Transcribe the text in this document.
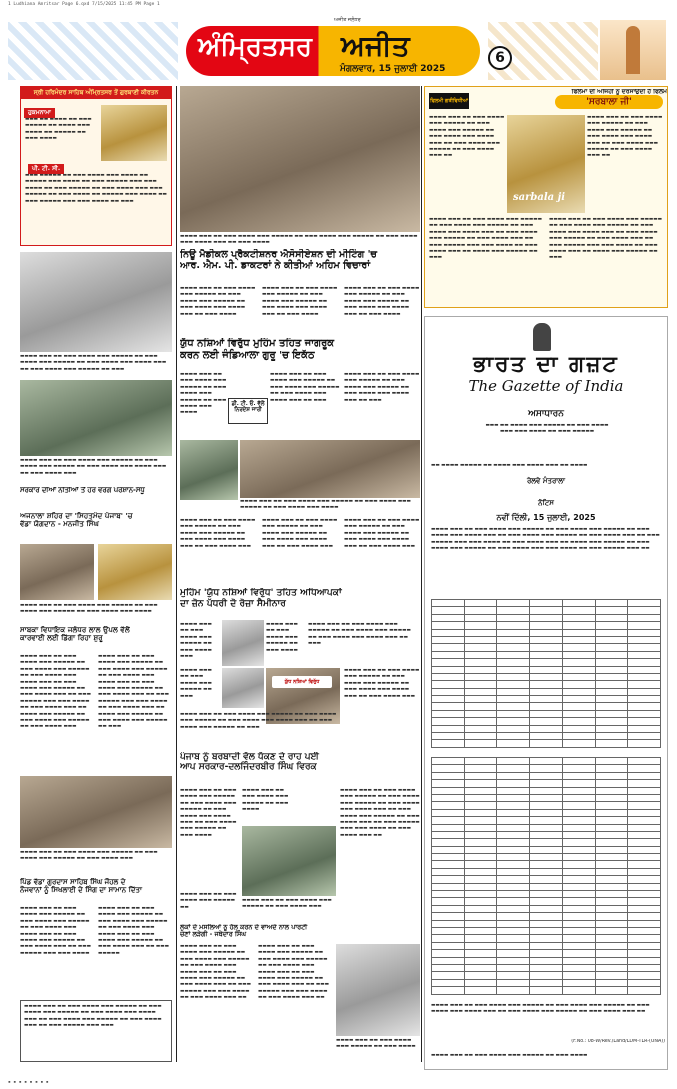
1 Ludhiana Amritsar Page 6.qxd 7/15/2025 11:45 PM Page 1
ਅੰਮ੍ਰਿਤਸਰ ਅਜੀਤ
ਅਜੀਤ ਜਲੰਧਰ
ਮੰਗਲਵਾਰ, 15 ਜੁਲਾਈ 2025
6
ਸ੍ਰੀ ਹਰਿਮੰਦਰ ਸਾਹਿਬ ਅੰਮ੍ਰਿਤਸਰ ਤੋਂ ਗੁਰਬਾਣੀ ਕੀਰਤਨ
ਹੁਕਮਨਾਮਾ

▬▬▬ ▬▬ ▬▬▬▬ ▬▬ ▬▬▬ ▬▬▬▬▬ ▬▬ ▬▬▬▬ ▬▬▬ ▬▬▬▬ ▬▬ ▬▬▬▬▬ ▬▬ ▬▬▬ ▬▬▬▬

ਪੀ. ਟੀ. ਸੀ.

▬▬▬ ▬▬▬▬▬ ▬▬ ▬▬▬ ▬▬▬▬ ▬▬▬ ▬▬▬▬ ▬▬ ▬▬▬▬▬ ▬▬▬ ▬▬▬▬ ▬▬ ▬▬▬ ▬▬▬▬▬ ▬▬▬ ▬▬▬ ▬▬▬▬ ▬▬ ▬▬▬ ▬▬▬▬▬ ▬▬ ▬▬▬ ▬▬▬▬ ▬▬▬ ▬▬▬ ▬▬▬▬▬ ▬▬ ▬▬▬ ▬▬▬▬ ▬▬ ▬▬▬▬▬ ▬▬▬ ▬▬▬▬ ▬▬ ▬▬▬ ▬▬▬▬▬ ▬▬▬ ▬▬▬ ▬▬▬▬ ▬▬ ▬▬▬

▬▬▬▬ ▬▬▬ ▬▬ ▬▬▬ ▬▬▬▬ ▬▬▬ ▬▬▬▬▬ ▬▬ ▬▬▬ ▬▬▬▬ ▬▬▬ ▬▬▬▬▬ ▬▬ ▬▬▬ ▬▬▬▬ ▬▬▬ ▬▬▬▬ ▬▬▬ ▬▬ ▬▬▬ ▬▬▬▬ ▬▬▬ ▬▬▬▬▬ ▬▬ ▬▬▬

▬▬▬▬ ▬▬▬ ▬▬ ▬▬▬ ▬▬▬▬ ▬▬▬ ▬▬▬▬▬ ▬▬ ▬▬▬ ▬▬▬▬ ▬▬▬ ▬▬▬▬▬ ▬▬ ▬▬▬ ▬▬▬▬ ▬▬▬ ▬▬▬▬ ▬▬▬ ▬▬ ▬▬▬ ▬▬▬▬ ▬▬▬

ਸਰਕਾਰ ਦੀਆਂ ਨੀਤੀਆਂ ਤੋਂ ਹਰ ਵਰਗ ਪਰੇਸ਼ਾਨ-ਸੰਧੂ
ਅਜਨਾਲਾ ਸ਼ਹਿਰ ਦਾ 'ਸਿਹਤਮੰਦ ਪੰਜਾਬ' 'ਚ
ਵੱਡਾ ਯੋਗਦਾਨ - ਮਨਜੀਤ ਸਿੰਘ

▬▬▬▬ ▬▬▬ ▬▬ ▬▬▬ ▬▬▬▬ ▬▬▬ ▬▬▬▬▬ ▬▬ ▬▬▬ ▬▬▬▬ ▬▬▬ ▬▬▬▬▬ ▬▬ ▬▬▬ ▬▬▬▬ ▬▬▬ ▬▬▬▬

ਸਾਬਕਾ ਵਿਧਾਇਕ ਜਲੰਧਰ ਲਾਲ ਉਪਲ ਵੱਲੋਂ
ਕਾਰਵਾਈ ਲਈ ਡਿੱਗਾ ਰਿਹਾ ਸ਼ੁਰੂ

▬▬▬▬ ▬▬▬ ▬▬ ▬▬▬ ▬▬▬▬ ▬▬▬ ▬▬▬▬▬ ▬▬ ▬▬▬ ▬▬▬▬ ▬▬▬ ▬▬▬▬▬ ▬▬ ▬▬▬ ▬▬▬▬ ▬▬▬ ▬▬▬▬ ▬▬▬ ▬▬ ▬▬▬ ▬▬▬▬ ▬▬▬ ▬▬▬▬▬ ▬▬ ▬▬▬ ▬▬▬▬ ▬▬▬ ▬▬ ▬▬▬ ▬▬▬▬▬ ▬▬▬ ▬▬▬ ▬▬▬▬ ▬▬ ▬▬▬ ▬▬▬▬ ▬▬▬ ▬▬ ▬▬▬▬ ▬▬▬ ▬▬▬▬▬ ▬▬ ▬▬▬ ▬▬▬▬ ▬▬▬ ▬▬▬▬▬ ▬▬ ▬▬▬ ▬▬▬▬ ▬▬▬

▬▬▬▬ ▬▬▬ ▬▬ ▬▬▬ ▬▬▬▬ ▬▬▬ ▬▬▬▬▬ ▬▬ ▬▬▬ ▬▬▬▬ ▬▬▬ ▬▬▬▬▬ ▬▬ ▬▬▬ ▬▬▬▬ ▬▬▬ ▬▬▬▬ ▬▬▬ ▬▬ ▬▬▬ ▬▬▬▬ ▬▬▬ ▬▬▬▬▬ ▬▬ ▬▬▬ ▬▬▬▬ ▬▬▬ ▬▬ ▬▬▬ ▬▬▬▬▬ ▬▬▬ ▬▬▬ ▬▬▬▬ ▬▬ ▬▬▬ ▬▬▬▬ ▬▬▬ ▬▬ ▬▬▬▬ ▬▬▬ ▬▬▬▬▬ ▬▬ ▬▬▬ ▬▬▬▬ ▬▬▬ ▬▬▬▬▬ ▬▬ ▬▬▬

▬▬▬▬ ▬▬▬ ▬▬ ▬▬▬ ▬▬▬▬ ▬▬▬ ▬▬▬▬▬ ▬▬ ▬▬▬ ▬▬▬▬ ▬▬▬ ▬▬▬▬▬ ▬▬ ▬▬▬ ▬▬▬▬ ▬▬▬

ਪਿੰਡ ਵੱਡਾ ਗੁਰਦਾਸ ਸਾਹਿਬ ਸਿੰਘ ਜੌਹਲ ਦੇ
ਨੌਜਵਾਨਾਂ ਨੂੰ ਸਿਖਲਾਈ ਦੇ ਸਿੰਗ ਦਾ ਸਾਮਾਨ ਦਿੱਤਾ

▬▬▬▬ ▬▬▬ ▬▬ ▬▬▬ ▬▬▬▬ ▬▬▬ ▬▬▬▬▬ ▬▬ ▬▬▬ ▬▬▬▬ ▬▬▬ ▬▬▬▬▬ ▬▬ ▬▬▬ ▬▬▬▬ ▬▬▬ ▬▬▬▬ ▬▬▬ ▬▬ ▬▬▬ ▬▬▬▬ ▬▬▬ ▬▬▬▬▬ ▬▬ ▬▬▬ ▬▬▬▬ ▬▬▬ ▬▬ ▬▬▬ ▬▬▬▬▬ ▬▬▬ ▬▬▬ ▬▬▬▬

▬▬▬▬ ▬▬▬ ▬▬ ▬▬▬ ▬▬▬▬ ▬▬▬ ▬▬▬▬▬ ▬▬ ▬▬▬ ▬▬▬▬ ▬▬▬ ▬▬▬▬▬ ▬▬ ▬▬▬ ▬▬▬▬ ▬▬▬ ▬▬▬▬ ▬▬▬ ▬▬ ▬▬▬ ▬▬▬▬ ▬▬▬ ▬▬▬▬▬ ▬▬ ▬▬▬ ▬▬▬▬ ▬▬▬ ▬▬ ▬▬▬ ▬▬▬▬▬

▬▬▬▬ ▬▬▬ ▬▬ ▬▬▬ ▬▬▬▬ ▬▬▬ ▬▬▬▬▬ ▬▬ ▬▬▬ ▬▬▬▬ ▬▬▬ ▬▬▬▬▬ ▬▬ ▬▬▬ ▬▬▬▬ ▬▬▬ ▬▬▬▬ ▬▬▬ ▬▬ ▬▬▬ ▬▬▬▬ ▬▬▬ ▬▬▬▬▬ ▬▬ ▬▬▬ ▬▬▬▬ ▬▬▬ ▬▬ ▬▬▬ ▬▬▬▬▬ ▬▬▬ ▬▬▬

▬▬▬▬ ▬▬▬ ▬▬ ▬▬▬ ▬▬▬▬ ▬▬▬ ▬▬▬▬▬ ▬▬ ▬▬▬ ▬▬▬▬ ▬▬▬ ▬▬▬▬▬ ▬▬ ▬▬▬ ▬▬▬▬ ▬▬▬ ▬▬▬▬ ▬▬▬ ▬▬ ▬▬▬ ▬▬▬▬

ਨਿਊ ਮੈਡੀਕਲ ਪ੍ਰੈਕਟੀਸ਼ਨਰ ਐਸੋਸੀਏਸ਼ਨ ਦੀ ਮੀਟਿੰਗ 'ਚ
ਆਰ. ਐਮ. ਪੀ. ਡਾਕਟਰਾਂ ਨੇ ਕੀਤੀਆਂ ਅਹਿਮ ਵਿਚਾਰਾਂ

▬▬▬▬ ▬▬▬ ▬▬ ▬▬▬ ▬▬▬▬ ▬▬▬ ▬▬▬▬▬ ▬▬ ▬▬▬ ▬▬▬▬ ▬▬▬ ▬▬▬▬▬ ▬▬ ▬▬▬ ▬▬▬▬ ▬▬▬ ▬▬▬▬ ▬▬▬ ▬▬ ▬▬▬ ▬▬▬▬

▬▬▬▬ ▬▬▬ ▬▬ ▬▬▬ ▬▬▬▬ ▬▬▬ ▬▬▬▬▬ ▬▬ ▬▬▬ ▬▬▬▬ ▬▬▬ ▬▬▬▬▬ ▬▬ ▬▬▬ ▬▬▬▬ ▬▬▬ ▬▬▬▬ ▬▬▬ ▬▬ ▬▬▬ ▬▬▬▬

▬▬▬▬ ▬▬▬ ▬▬ ▬▬▬ ▬▬▬▬ ▬▬▬ ▬▬▬▬▬ ▬▬ ▬▬▬ ▬▬▬▬ ▬▬▬ ▬▬▬▬▬ ▬▬ ▬▬▬ ▬▬▬▬ ▬▬▬ ▬▬▬▬ ▬▬▬ ▬▬ ▬▬▬ ▬▬▬▬

ਯੁੱਧ ਨਸ਼ਿਆਂ ਵਿਰੁੱਧ ਮੁਹਿੰਮ ਤਹਿਤ ਜਾਗਰੂਕ
ਕਰਨ ਲਈ ਜੰਡਿਆਲਾ ਗੁਰੂ 'ਚ ਇਕੱਠ

▬▬▬▬ ▬▬▬ ▬▬ ▬▬▬ ▬▬▬▬ ▬▬▬ ▬▬▬▬▬ ▬▬ ▬▬▬ ▬▬▬▬ ▬▬▬ ▬▬▬▬▬ ▬▬ ▬▬▬ ▬▬▬▬ ▬▬▬ ▬▬▬▬

ਡੀ. ਟੀ. ਓ. ਵੱਲੋਂ ਨਿਰਦੇਸ਼ ਜਾਰੀ

▬▬▬▬ ▬▬▬ ▬▬ ▬▬▬ ▬▬▬▬ ▬▬▬ ▬▬▬▬▬ ▬▬ ▬▬▬ ▬▬▬▬ ▬▬▬ ▬▬▬▬▬ ▬▬ ▬▬▬ ▬▬▬▬ ▬▬▬ ▬▬▬▬ ▬▬▬ ▬▬ ▬▬▬

▬▬▬▬ ▬▬▬ ▬▬ ▬▬▬ ▬▬▬▬ ▬▬▬ ▬▬▬▬▬ ▬▬ ▬▬▬ ▬▬▬▬ ▬▬▬ ▬▬▬▬▬ ▬▬ ▬▬▬ ▬▬▬▬ ▬▬▬ ▬▬▬▬ ▬▬▬ ▬▬ ▬▬▬

▬▬▬▬ ▬▬▬ ▬▬ ▬▬▬ ▬▬▬▬ ▬▬▬ ▬▬▬▬▬ ▬▬ ▬▬▬ ▬▬▬▬ ▬▬▬ ▬▬▬▬▬ ▬▬ ▬▬▬ ▬▬▬▬ ▬▬▬ ▬▬▬▬

▬▬▬▬ ▬▬▬ ▬▬ ▬▬▬ ▬▬▬▬ ▬▬▬ ▬▬▬▬▬ ▬▬ ▬▬▬ ▬▬▬▬ ▬▬▬ ▬▬▬▬▬ ▬▬ ▬▬▬ ▬▬▬▬ ▬▬▬ ▬▬▬▬ ▬▬▬ ▬▬ ▬▬▬ ▬▬▬▬ ▬▬▬

▬▬▬▬ ▬▬▬ ▬▬ ▬▬▬ ▬▬▬▬ ▬▬▬ ▬▬▬▬▬ ▬▬ ▬▬▬ ▬▬▬▬ ▬▬▬ ▬▬▬▬▬ ▬▬ ▬▬▬ ▬▬▬▬ ▬▬▬ ▬▬▬▬ ▬▬▬ ▬▬ ▬▬▬ ▬▬▬▬ ▬▬▬

▬▬▬▬ ▬▬▬ ▬▬ ▬▬▬ ▬▬▬▬ ▬▬▬ ▬▬▬▬▬ ▬▬ ▬▬▬ ▬▬▬▬ ▬▬▬ ▬▬▬▬▬ ▬▬ ▬▬▬ ▬▬▬▬ ▬▬▬ ▬▬▬▬ ▬▬▬ ▬▬ ▬▬▬ ▬▬▬▬ ▬▬▬

ਮੁਹਿੰਮ 'ਯੁੱਧ ਨਸ਼ਿਆਂ ਵਿਰੁੱਧ' ਤਹਿਤ ਅਧਿਆਪਕਾਂ
ਦਾ ਜ਼ੋਨ ਪੱਧਰੀ ਦੋ ਰੋਜ਼ਾ ਸੈਮੀਨਾਰ

▬▬▬▬ ▬▬▬ ▬▬ ▬▬▬ ▬▬▬▬ ▬▬▬ ▬▬▬▬▬ ▬▬ ▬▬▬ ▬▬▬▬ ▬▬▬

▬▬▬▬ ▬▬▬ ▬▬ ▬▬▬ ▬▬▬▬ ▬▬▬ ▬▬▬▬▬ ▬▬ ▬▬▬ ▬▬▬▬

▬▬▬▬ ▬▬▬ ▬▬ ▬▬▬ ▬▬▬▬ ▬▬▬ ▬▬▬▬▬ ▬▬ ▬▬▬ ▬▬▬▬ ▬▬▬ ▬▬▬▬▬ ▬▬ ▬▬▬ ▬▬▬▬ ▬▬▬ ▬▬▬▬ ▬▬▬ ▬▬ ▬▬▬

▬▬▬▬ ▬▬▬ ▬▬ ▬▬▬ ▬▬▬▬ ▬▬▬ ▬▬▬▬▬ ▬▬ ▬▬▬

ਯੁੱਧ ਨਸ਼ਿਆਂ ਵਿਰੁੱਧ

▬▬▬▬ ▬▬▬ ▬▬ ▬▬▬ ▬▬▬▬ ▬▬▬ ▬▬▬▬▬ ▬▬ ▬▬▬ ▬▬▬▬ ▬▬▬ ▬▬▬▬▬ ▬▬ ▬▬▬ ▬▬▬▬ ▬▬▬ ▬▬▬▬ ▬▬▬ ▬▬ ▬▬▬ ▬▬▬▬ ▬▬▬

▬▬▬▬ ▬▬▬ ▬▬ ▬▬▬ ▬▬▬▬ ▬▬▬ ▬▬▬▬▬ ▬▬ ▬▬▬ ▬▬▬▬ ▬▬▬ ▬▬▬▬▬ ▬▬ ▬▬▬ ▬▬▬▬ ▬▬▬ ▬▬▬▬ ▬▬▬ ▬▬ ▬▬▬ ▬▬▬▬ ▬▬▬ ▬▬▬▬▬ ▬▬ ▬▬▬

ਪੰਜਾਬ ਨੂੰ ਬਰਬਾਦੀ ਵੱਲ ਧੱਕਣ ਦੇ ਰਾਹ ਪਈ
ਆਪ ਸਰਕਾਰ-ਦਲਜਿੰਦਰਬੀਰ ਸਿੰਘ ਵਿਰਕ

▬▬▬▬ ▬▬▬ ▬▬ ▬▬▬ ▬▬▬▬ ▬▬▬ ▬▬▬▬▬ ▬▬ ▬▬▬ ▬▬▬▬ ▬▬▬ ▬▬▬▬▬ ▬▬ ▬▬▬ ▬▬▬▬ ▬▬▬ ▬▬▬▬ ▬▬▬ ▬▬ ▬▬▬ ▬▬▬▬ ▬▬▬ ▬▬▬▬▬ ▬▬ ▬▬▬ ▬▬▬▬

▬▬▬▬ ▬▬▬ ▬▬ ▬▬▬ ▬▬▬▬ ▬▬▬ ▬▬▬▬▬ ▬▬ ▬▬▬ ▬▬▬▬

▬▬▬▬ ▬▬▬ ▬▬ ▬▬▬ ▬▬▬▬ ▬▬▬ ▬▬▬▬▬ ▬▬ ▬▬▬ ▬▬▬▬ ▬▬▬

▬▬▬▬ ▬▬▬ ▬▬ ▬▬▬ ▬▬▬▬ ▬▬▬ ▬▬▬▬▬ ▬▬ ▬▬▬ ▬▬▬▬ ▬▬▬ ▬▬▬▬▬ ▬▬ ▬▬▬ ▬▬▬▬ ▬▬▬ ▬▬▬▬ ▬▬▬ ▬▬ ▬▬▬ ▬▬▬▬ ▬▬▬ ▬▬▬▬▬ ▬▬ ▬▬▬ ▬▬▬▬ ▬▬▬ ▬▬ ▬▬▬ ▬▬▬▬▬ ▬▬▬ ▬▬▬ ▬▬▬▬ ▬▬ ▬▬▬ ▬▬▬▬ ▬▬▬ ▬▬

▬▬▬▬ ▬▬▬ ▬▬ ▬▬▬ ▬▬▬▬ ▬▬▬ ▬▬▬▬▬ ▬▬

ਲੋਕਾਂ ਦੇ ਮਸਲਿਆਂ ਨੂੰ ਹੱਲ ਕਰਨ ਦੇ ਵਾਅਦੇ ਨਾਲ ਪਾਰਟੀ
ਚੋਣਾਂ ਲੜੇਗੀ - ਜਥੇਦਾਰ ਸਿੰਘ

▬▬▬▬ ▬▬▬ ▬▬ ▬▬▬ ▬▬▬▬ ▬▬▬ ▬▬▬▬▬ ▬▬ ▬▬▬ ▬▬▬▬ ▬▬▬ ▬▬▬▬▬ ▬▬ ▬▬▬ ▬▬▬▬ ▬▬▬ ▬▬▬▬ ▬▬▬ ▬▬ ▬▬▬ ▬▬▬▬ ▬▬▬ ▬▬▬▬▬ ▬▬ ▬▬▬ ▬▬▬▬ ▬▬▬ ▬▬ ▬▬▬ ▬▬▬▬▬ ▬▬▬ ▬▬▬ ▬▬▬▬ ▬▬ ▬▬▬ ▬▬▬▬ ▬▬▬ ▬▬

▬▬▬▬ ▬▬▬ ▬▬ ▬▬▬ ▬▬▬▬ ▬▬▬ ▬▬▬▬▬ ▬▬ ▬▬▬ ▬▬▬▬ ▬▬▬ ▬▬▬▬▬ ▬▬ ▬▬▬ ▬▬▬▬ ▬▬▬ ▬▬▬▬ ▬▬▬ ▬▬ ▬▬▬ ▬▬▬▬ ▬▬▬ ▬▬▬▬▬ ▬▬ ▬▬▬ ▬▬▬▬ ▬▬▬ ▬▬ ▬▬▬ ▬▬▬▬▬ ▬▬▬ ▬▬▬ ▬▬▬▬ ▬▬ ▬▬▬ ▬▬▬▬ ▬▬▬ ▬▬

▬▬▬▬ ▬▬▬ ▬▬ ▬▬▬ ▬▬▬▬ ▬▬▬ ▬▬▬▬▬ ▬▬ ▬▬▬ ▬▬▬▬

ਫਿਲਮਾਂ ਦੀ ਅਜਿਹੀ ਨੂੰ ਦਰਸਾਉਂਦੀ ਹੈ ਫਿਲਮ
'ਸਰਬਾਲਾ ਜੀ'
ਫਿਲਮੀ ਗਤੀਵਿਧੀਆਂ

▬▬▬▬ ▬▬▬ ▬▬ ▬▬▬ ▬▬▬▬ ▬▬▬ ▬▬▬▬▬ ▬▬ ▬▬▬ ▬▬▬▬ ▬▬▬ ▬▬▬▬▬ ▬▬ ▬▬▬ ▬▬▬▬ ▬▬▬ ▬▬▬▬ ▬▬▬ ▬▬ ▬▬▬ ▬▬▬▬ ▬▬▬ ▬▬▬▬▬ ▬▬ ▬▬▬ ▬▬▬▬ ▬▬▬ ▬▬

sarbala ji

▬▬▬▬ ▬▬▬ ▬▬ ▬▬▬ ▬▬▬▬ ▬▬▬ ▬▬▬▬▬ ▬▬ ▬▬▬ ▬▬▬▬ ▬▬▬ ▬▬▬▬▬ ▬▬ ▬▬▬ ▬▬▬▬ ▬▬▬ ▬▬▬▬ ▬▬▬ ▬▬ ▬▬▬ ▬▬▬▬ ▬▬▬ ▬▬▬▬▬ ▬▬ ▬▬▬ ▬▬▬▬ ▬▬▬ ▬▬

▬▬▬▬ ▬▬▬ ▬▬ ▬▬▬ ▬▬▬▬ ▬▬▬ ▬▬▬▬▬ ▬▬ ▬▬▬ ▬▬▬▬ ▬▬▬ ▬▬▬▬▬ ▬▬ ▬▬▬ ▬▬▬▬ ▬▬▬ ▬▬▬▬ ▬▬▬ ▬▬ ▬▬▬ ▬▬▬▬ ▬▬▬ ▬▬▬▬▬ ▬▬ ▬▬▬ ▬▬▬▬ ▬▬▬ ▬▬ ▬▬▬ ▬▬▬▬▬ ▬▬▬ ▬▬▬ ▬▬▬▬ ▬▬ ▬▬▬ ▬▬▬▬ ▬▬▬ ▬▬ ▬▬▬▬ ▬▬▬ ▬▬▬▬▬ ▬▬ ▬▬▬

▬▬▬▬ ▬▬▬ ▬▬ ▬▬▬ ▬▬▬▬ ▬▬▬ ▬▬▬▬▬ ▬▬ ▬▬▬ ▬▬▬▬ ▬▬▬ ▬▬▬▬▬ ▬▬ ▬▬▬ ▬▬▬▬ ▬▬▬ ▬▬▬▬ ▬▬▬ ▬▬ ▬▬▬ ▬▬▬▬ ▬▬▬ ▬▬▬▬▬ ▬▬ ▬▬▬ ▬▬▬▬ ▬▬▬ ▬▬ ▬▬▬ ▬▬▬▬▬ ▬▬▬ ▬▬▬ ▬▬▬▬ ▬▬ ▬▬▬ ▬▬▬▬ ▬▬▬ ▬▬ ▬▬▬▬ ▬▬▬ ▬▬▬▬▬ ▬▬ ▬▬▬

ਭਾਰਤ ਦਾ ਗਜ਼ਟ
The Gazette of India
ਅਸਾਧਾਰਨ

▬▬▬ ▬▬ ▬▬▬▬ ▬▬▬ ▬▬▬▬▬ ▬▬ ▬▬▬ ▬▬▬▬ ▬▬▬ ▬▬▬ ▬▬▬▬ ▬▬ ▬▬▬ ▬▬▬▬▬

▬▬ ▬▬▬▬ ▬▬▬▬▬ ▬▬ ▬▬▬▬ ▬▬▬ ▬▬▬▬ ▬▬▬ ▬▬ ▬▬▬▬

ਰੇਲਵੇ ਮੰਤਰਾਲਾ
ਨੋਟਿਸ
ਨਵੀਂ ਦਿੱਲੀ, 15 ਜੁਲਾਈ, 2025

▬▬▬▬ ▬▬▬ ▬▬ ▬▬▬ ▬▬▬▬ ▬▬▬ ▬▬▬▬▬ ▬▬ ▬▬▬ ▬▬▬▬ ▬▬▬ ▬▬▬▬▬ ▬▬ ▬▬▬ ▬▬▬▬ ▬▬▬ ▬▬▬▬ ▬▬▬ ▬▬ ▬▬▬ ▬▬▬▬ ▬▬▬ ▬▬▬▬▬ ▬▬ ▬▬▬ ▬▬▬▬ ▬▬▬ ▬▬ ▬▬▬ ▬▬▬▬▬ ▬▬▬ ▬▬▬ ▬▬▬▬ ▬▬ ▬▬▬ ▬▬▬▬ ▬▬▬ ▬▬ ▬▬▬▬ ▬▬▬ ▬▬▬▬▬ ▬▬ ▬▬▬ ▬▬▬▬ ▬▬▬ ▬▬▬▬▬ ▬▬ ▬▬▬ ▬▬▬▬ ▬▬▬ ▬▬▬ ▬▬▬▬ ▬▬ ▬▬▬ ▬▬▬▬▬ ▬▬▬ ▬▬

▬▬▬▬ ▬▬▬ ▬▬ ▬▬▬ ▬▬▬▬ ▬▬▬ ▬▬▬▬▬ ▬▬ ▬▬▬ ▬▬▬▬ ▬▬▬ ▬▬▬▬▬ ▬▬ ▬▬▬ ▬▬▬▬ ▬▬▬ ▬▬▬▬ ▬▬▬ ▬▬ ▬▬▬ ▬▬▬▬ ▬▬▬ ▬▬▬▬▬ ▬▬ ▬▬▬ ▬▬▬▬ ▬▬▬ ▬▬

(F.No.: 08-W/Rev./Land/LDM-TLR-(UNA))

▬▬▬▬ ▬▬▬ ▬▬ ▬▬▬ ▬▬▬▬ ▬▬▬ ▬▬▬▬▬ ▬▬ ▬▬▬ ▬▬▬▬

▪ ▪ ▪ ▪ ▪ ▪ ▪ ▪
